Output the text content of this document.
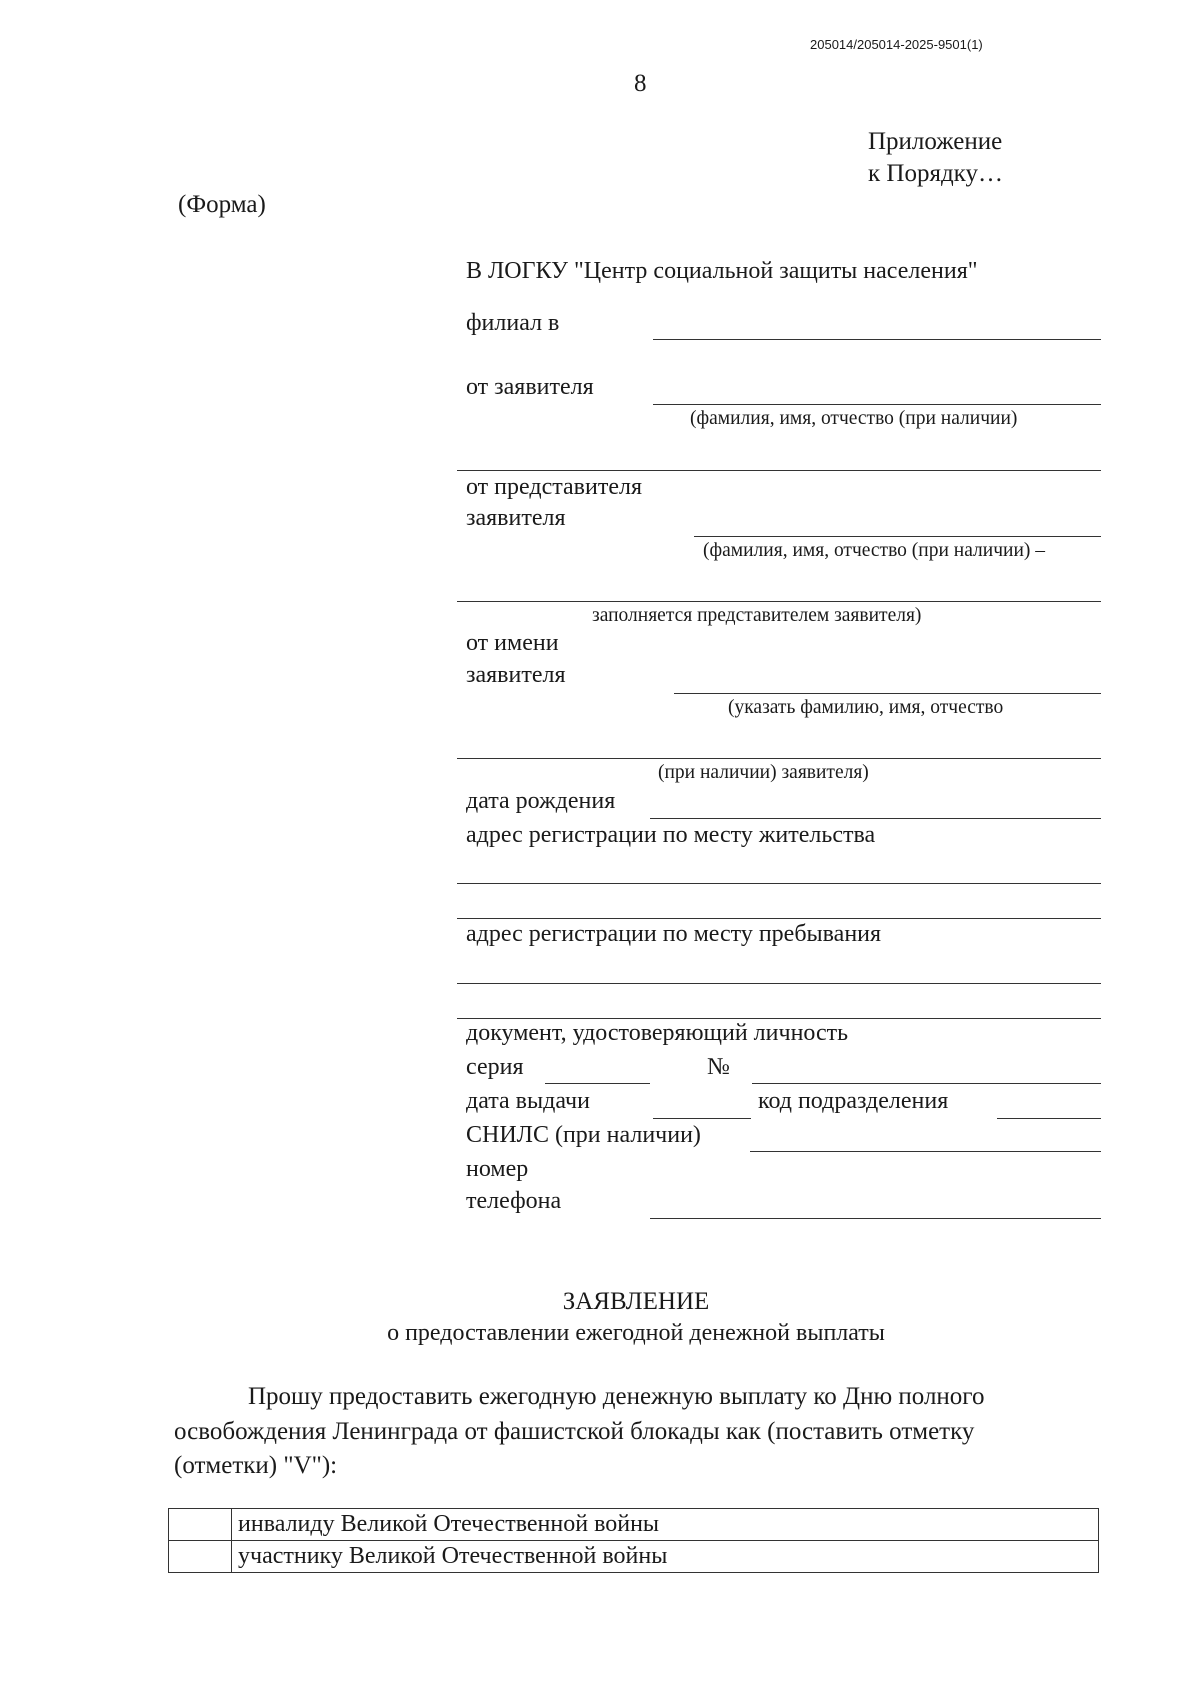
205014/205014-2025-9501(1)
8
Приложение
к Порядку…
(Форма)
В ЛОГКУ "Центр социальной защиты населения"
филиал в
от заявителя
(фамилия, имя, отчество (при наличии)
от представителя
заявителя
(фамилия, имя, отчество (при наличии) –
заполняется представителем заявителя)
от имени
заявителя
(указать фамилию, имя, отчество
(при наличии) заявителя)
дата рождения
адрес регистрации по месту жительства
адрес регистрации по месту пребывания
документ, удостоверяющий личность
серия	№
дата выдачи	код подразделения
СНИЛС (при наличии)
номер
телефона
ЗАЯВЛЕНИЕ
о предоставлении ежегодной денежной выплаты
Прошу предоставить ежегодную денежную выплату ко Дню полного
освобождения Ленинграда от фашистской блокады как (поставить отметку
(отметки) "V"):
	инвалиду Великой Отечественной войны
	участнику Великой Отечественной войны
